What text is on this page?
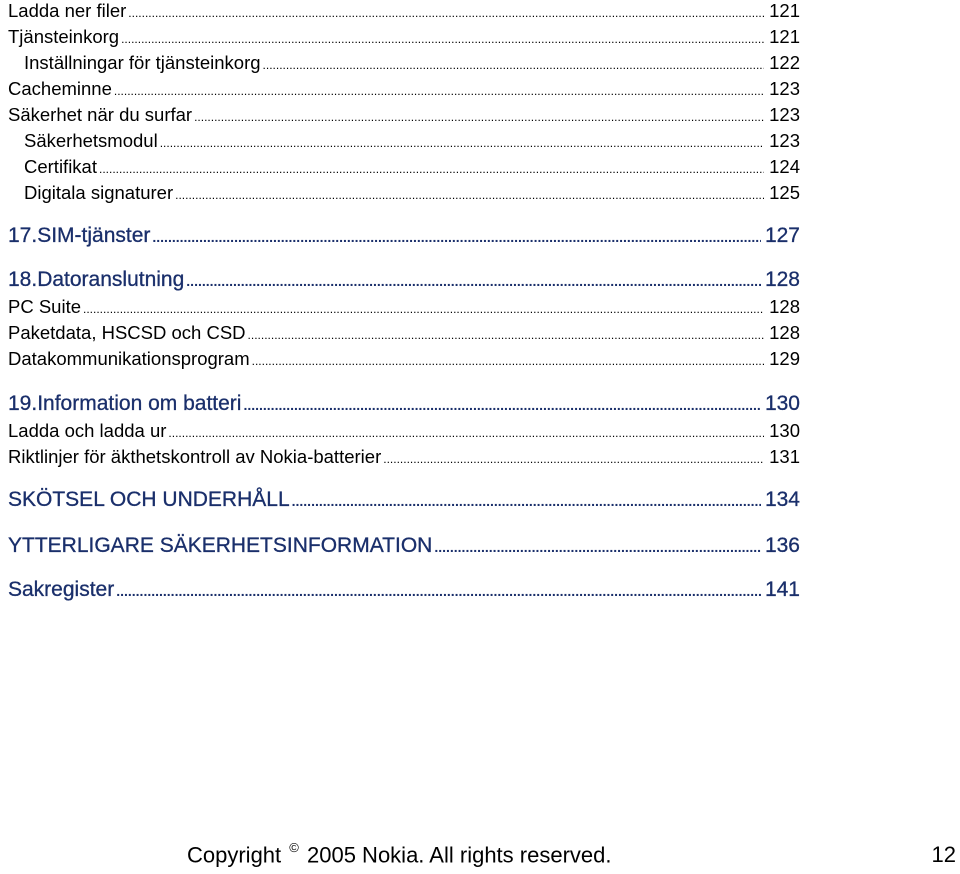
Ladda ner filer .....	121
Tjänsteinkorg .....	121
Inställningar för tjänsteinkorg .....	122
Cacheminne .....	123
Säkerhet när du surfar .....	123
Säkerhetsmodul .....	123
Certifikat .....	124
Digitala signaturer .....	125
17.SIM-tjänster .....	127
18.Datoranslutning .....	128
PC Suite .....	128
Paketdata, HSCSD och CSD .....	128
Datakommunikationsprogram .....	129
19.Information om batteri .....	130
Ladda och ladda ur .....	130
Riktlinjer för äkthetskontroll av Nokia-batterier .....	131
SKÖTSEL OCH UNDERHÅLL .....	134
YTTERLIGARE SÄKERHETSINFORMATION .....	136
Sakregister .....	141
Copyright © 2005 Nokia. All rights reserved.	12
